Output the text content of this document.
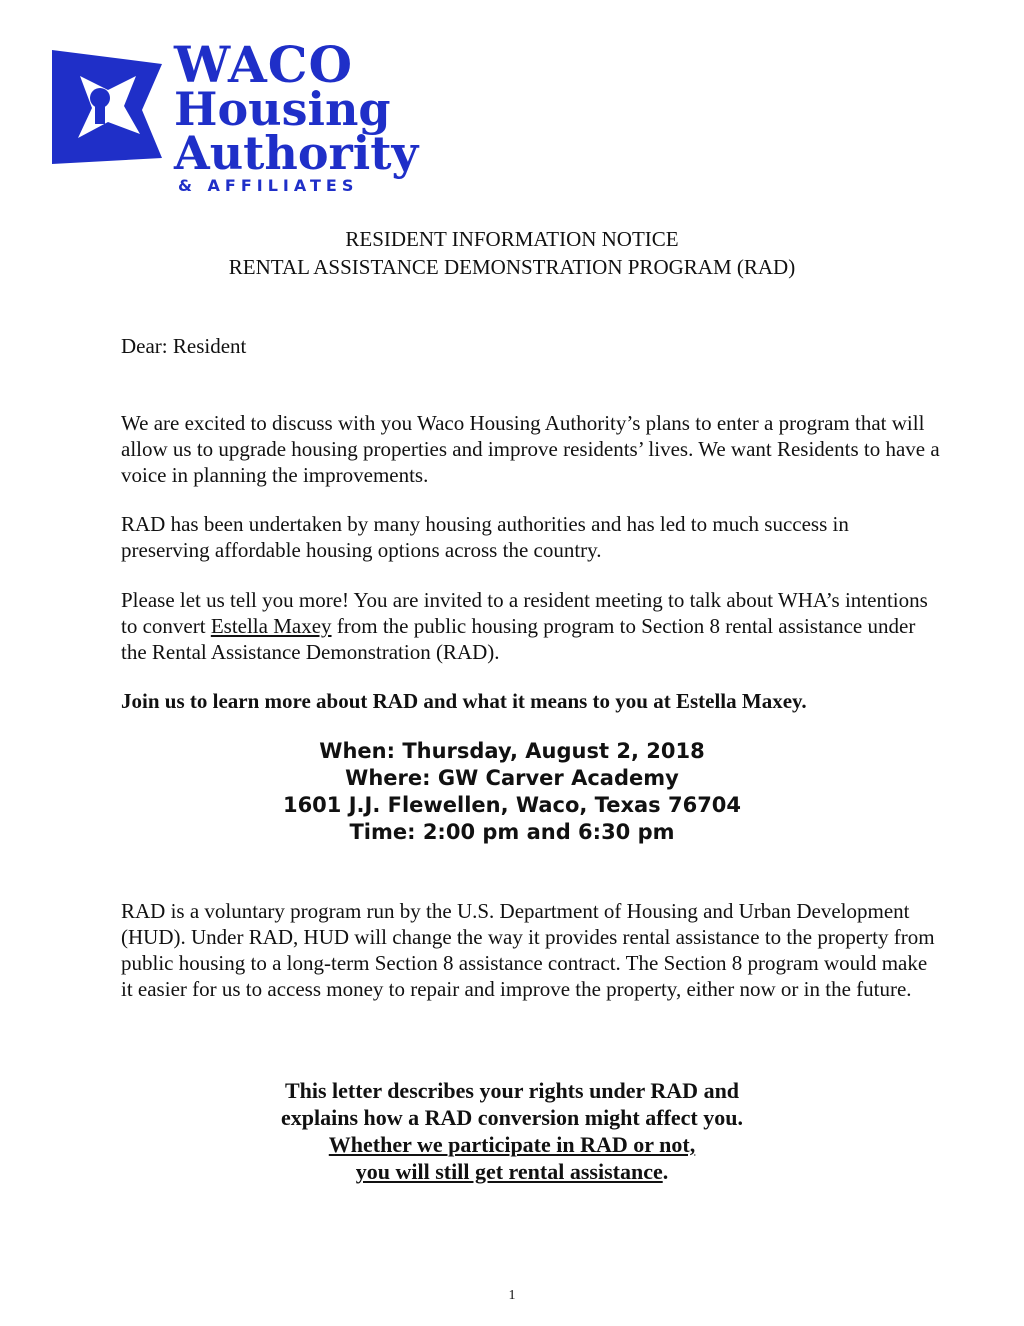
WACO
Housing
Authority
& AFFILIATES
RESIDENT INFORMATION NOTICE
RENTAL ASSISTANCE DEMONSTRATION PROGRAM (RAD)
Dear: Resident
We are excited to discuss with you Waco Housing Authority’s plans to enter a program that will allow us to upgrade housing properties and improve residents’ lives. We want Residents to have a voice in planning the improvements.
RAD has been undertaken by many housing authorities and has led to much success in preserving affordable housing options across the country.
Please let us tell you more! You are invited to a resident meeting to talk about WHA’s intentions to convert Estella Maxey from the public housing program to Section 8 rental assistance under the Rental Assistance Demonstration (RAD).
Join us to learn more about RAD and what it means to you at Estella Maxey.
When: Thursday, August 2, 2018
Where: GW Carver Academy
1601 J.J. Flewellen, Waco, Texas 76704
Time: 2:00 pm and 6:30 pm
RAD is a voluntary program run by the U.S. Department of Housing and Urban Development (HUD). Under RAD, HUD will change the way it provides rental assistance to the property from public housing to a long-term Section 8 assistance contract. The Section 8 program would make it easier for us to access money to repair and improve the property, either now or in the future.
This letter describes your rights under RAD and
explains how a RAD conversion might affect you.
Whether we participate in RAD or not,
you will still get rental assistance.
1
